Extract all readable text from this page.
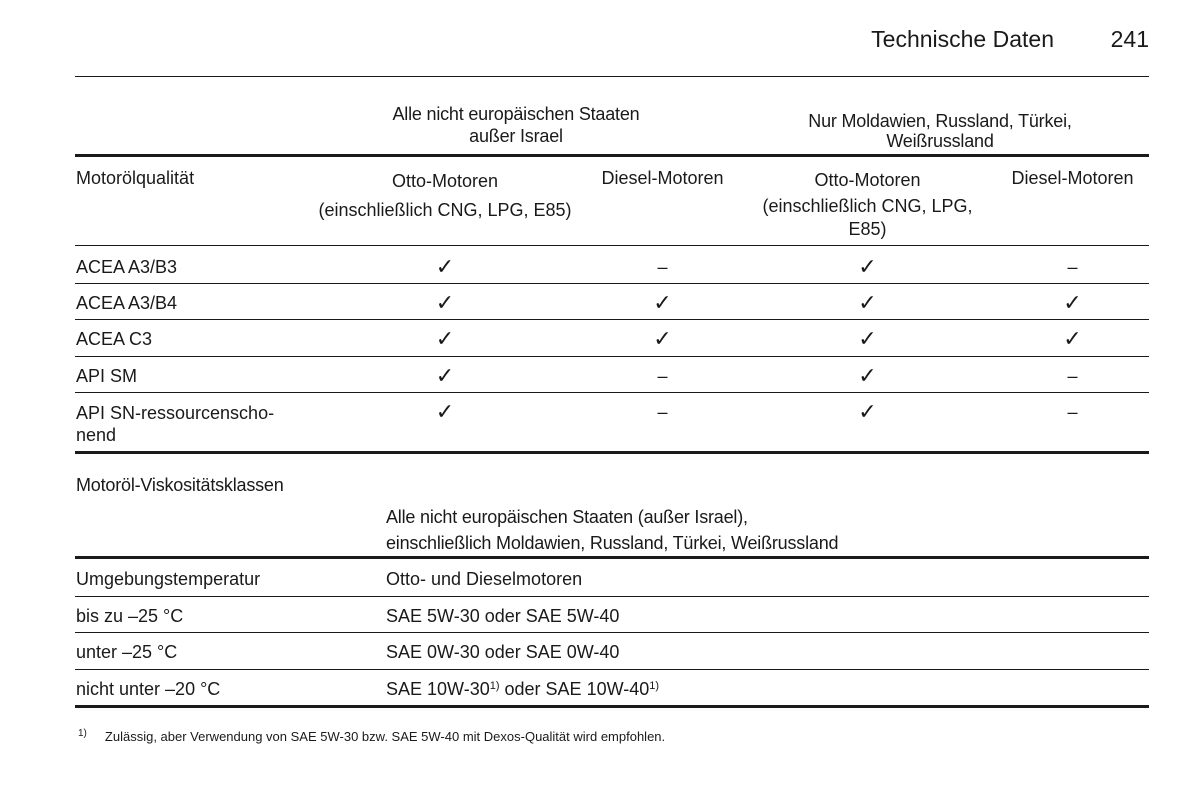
Technische Daten 241
Alle nicht europäischen Staaten
außer Israel
Nur Moldawien, Russland, Türkei,
Weißrussland
Motorölqualität	Otto-Motoren
(einschließlich CNG, LPG, E85)
Diesel-Motoren	Otto-Motoren
(einschließlich CNG, LPG,
E85)
Diesel-Motoren
ACEA A3/B3	✓	–	✓	–
ACEA A3/B4	✓	✓	✓	✓
ACEA C3	✓	✓	✓	✓
API SM	✓	–	✓	–
API SN-ressourcenscho-
nend
✓	–	✓	–
Motoröl-Viskositätsklassen
Alle nicht europäischen Staaten (außer Israel),
einschließlich Moldawien, Russland, Türkei, Weißrussland
Umgebungstemperatur	Otto- und Dieselmotoren
bis zu –25 °C	SAE 5W-30 oder SAE 5W-40
unter –25 °C	SAE 0W-30 oder SAE 0W-40
nicht unter –20 °C	SAE 10W-30$^{1)}$ oder SAE 10W-40$^{1)}$
$^{1)}$ Zulässig, aber Verwendung von SAE 5W-30 bzw. SAE 5W-40 mit Dexos-Qualität wird empfohlen.
